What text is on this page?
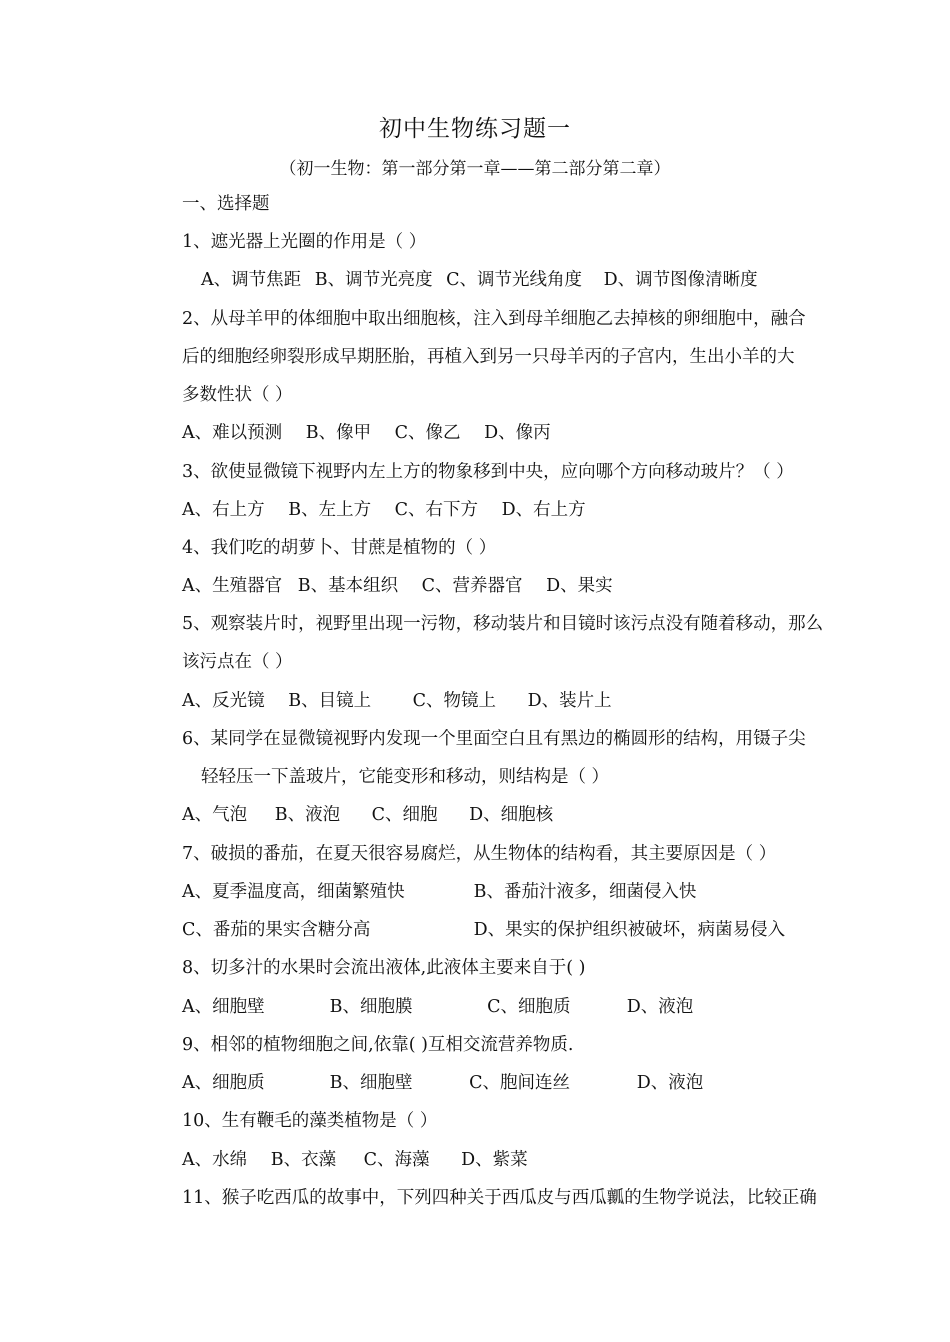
初中生物练习题一
（初一生物：第一部分第一章——第二部分第二章）
一、选择题
1、遮光器上光圈的作用是（ ）
A、调节焦距 B、调节光亮度 C、调节光线角度 D、调节图像清晰度
2、从母羊甲的体细胞中取出细胞核，注入到母羊细胞乙去掉核的卵细胞中，融合
后的细胞经卵裂形成早期胚胎，再植入到另一只母羊丙的子宫内，生出小羊的大
多数性状（ ）
A、难以预测 B、像甲 C、像乙 D、像丙
3、欲使显微镜下视野内左上方的物象移到中央，应向哪个方向移动玻片？（ ）
A、右上方 B、左上方 C、右下方 D、右上方
4、我们吃的胡萝卜、甘蔗是植物的（ ）
A、生殖器官 B、基本组织 C、营养器官 D、果实
5、观察装片时，视野里出现一污物，移动装片和目镜时该污点没有随着移动，那么
该污点在（ ）
A、反光镜 B、目镜上 C、物镜上 D、装片上
6、某同学在显微镜视野内发现一个里面空白且有黑边的椭圆形的结构，用镊子尖
轻轻压一下盖玻片，它能变形和移动，则结构是（ ）
A、气泡 B、液泡 C、细胞 D、细胞核
7、破损的番茄，在夏天很容易腐烂，从生物体的结构看，其主要原因是（ ）
A、夏季温度高，细菌繁殖快	B、番茄汁液多，细菌侵入快
C、番茄的果实含糖分高	D、果实的保护组织被破坏，病菌易侵入
8、切多汁的水果时会流出液体,此液体主要来自于( )
A、细胞壁	B、细胞膜	C、细胞质	D、液泡
9、相邻的植物细胞之间,依靠( )互相交流营养物质.
A、细胞质	B、细胞壁	C、胞间连丝	D、液泡
10、生有鞭毛的藻类植物是（ ）
A、水绵 B、衣藻 C、海藻 D、紫菜
11、猴子吃西瓜的故事中，下列四种关于西瓜皮与西瓜瓤的生物学说法，比较正确
